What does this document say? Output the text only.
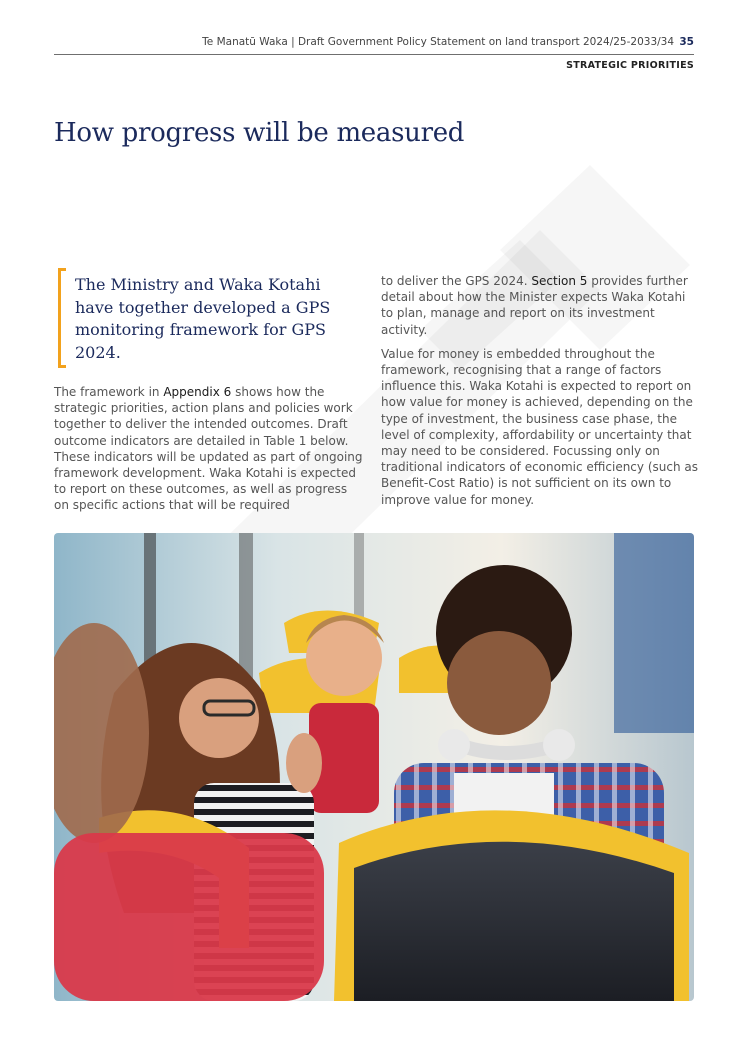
Te Manatū Waka | Draft Government Policy Statement on land transport 2024/25-2033/34 35
STRATEGIC PRIORITIES
How progress will be measured
The Ministry and Waka Kotahi have together developed a GPS monitoring framework for GPS 2024.

The framework in Appendix 6 shows how the strategic priorities, action plans and policies work together to deliver the intended outcomes. Draft outcome indicators are detailed in Table 1 below. These indicators will be updated as part of ongoing framework development. Waka Kotahi is expected to report on these outcomes, as well as progress on specific actions that will be required

to deliver the GPS 2024. Section 5 provides further detail about how the Minister expects Waka Kotahi to plan, manage and report on its investment activity.

Value for money is embedded throughout the framework, recognising that a range of factors influence this. Waka Kotahi is expected to report on how value for money is achieved, depending on the type of investment, the business case phase, the level of complexity, affordability or uncertainty that may need to be considered. Focussing only on traditional indicators of economic efficiency (such as Benefit-Cost Ratio) is not sufficient on its own to improve value for money.
